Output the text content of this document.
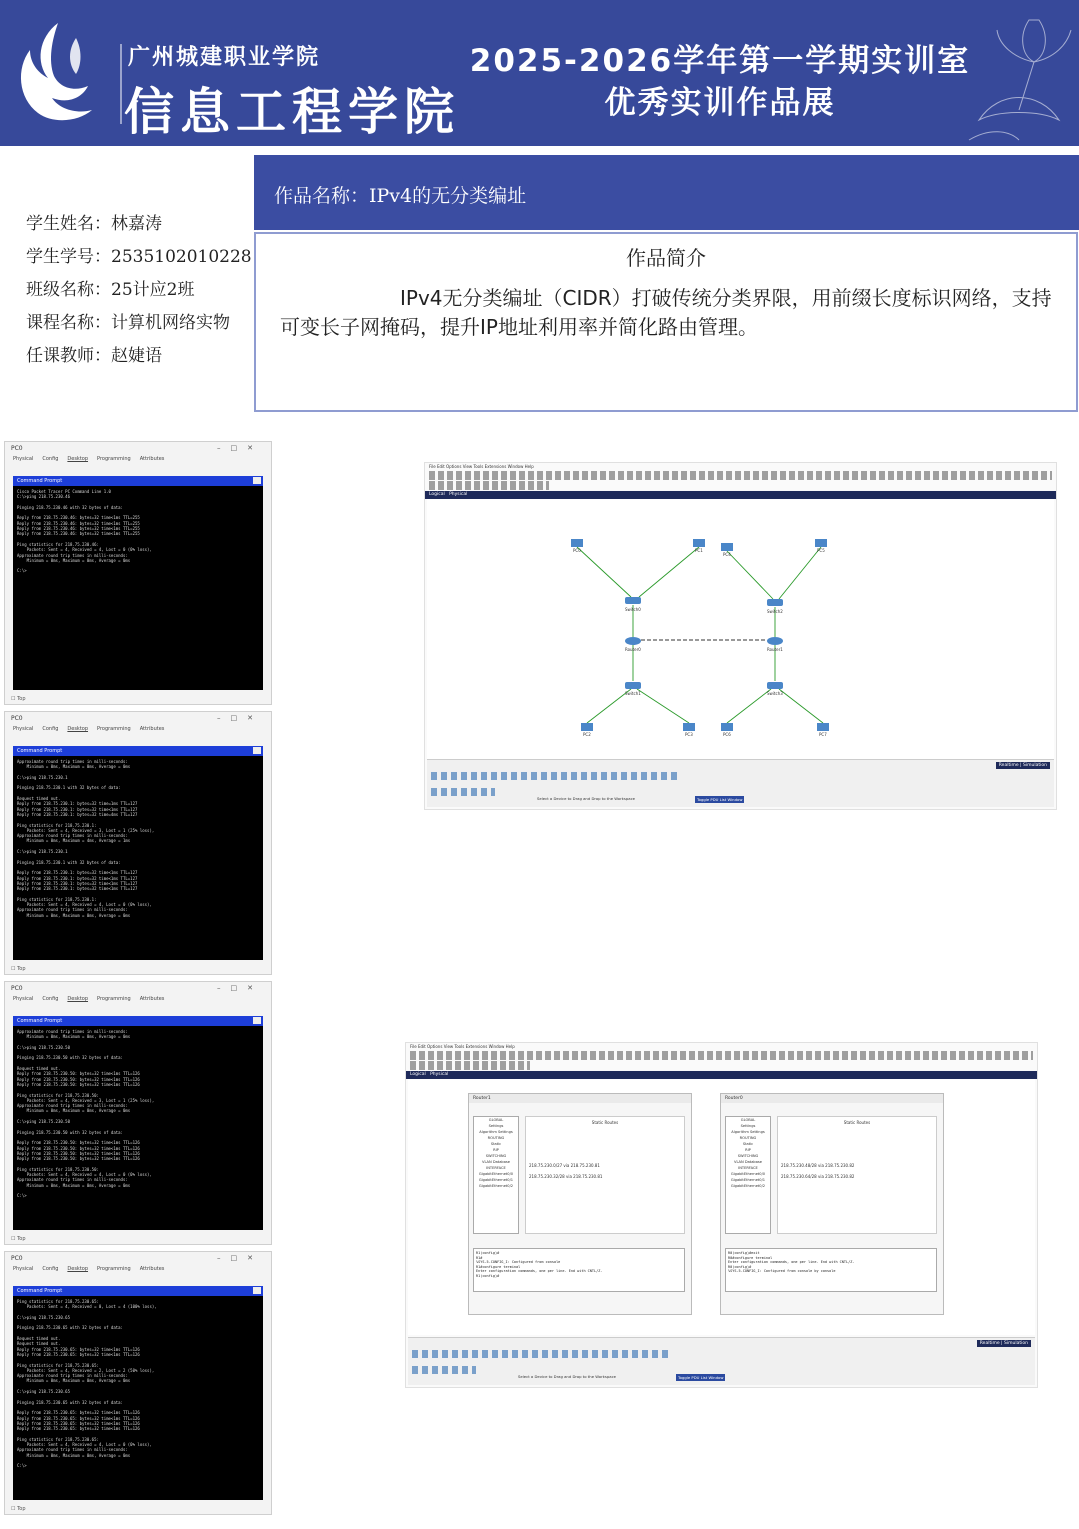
广州城建职业学院
信息工程学院
2025-2026学年第一学期实训室
优秀实训作品展
学生姓名：林嘉涛
学生学号：2535102010228
班级名称：25计应2班
课程名称：计算机网络实物
任课教师：赵婕语
作品名称：IPv4的无分类编址
作品简介
IPv4无分类编址（CIDR）打破传统分类界限，用前缀长度标识网络，支持可变长子网掩码，提升IP地址利用率并简化路由管理。
PC0	–□✕
Physical Config Desktop Programming Attributes
Command Prompt
Cisco Packet Tracer PC Command Line 1.0
C:\>ping 218.75.230.46

Pinging 218.75.230.46 with 32 bytes of data:

Reply from 218.75.230.46: bytes=32 time<1ms TTL=255
Reply from 218.75.230.46: bytes=32 time<1ms TTL=255
Reply from 218.75.230.46: bytes=32 time<1ms TTL=255
Reply from 218.75.230.46: bytes=32 time<1ms TTL=255

Ping statistics for 218.75.230.46:
Packets: Sent = 4, Received = 4, Lost = 0 (0% loss),
Approximate round trip times in milli-seconds:
Minimum = 0ms, Maximum = 0ms, Average = 0ms

C:\>
☐ Top
PC0	–□✕
Physical Config Desktop Programming Attributes
Command Prompt
Approximate round trip times in milli-seconds:
Minimum = 0ms, Maximum = 0ms, Average = 0ms

C:\>ping 218.75.230.1

Pinging 218.75.230.1 with 32 bytes of data:

Request timed out.
Reply from 218.75.230.1: bytes=32 time=1ms TTL=127
Reply from 218.75.230.1: bytes=32 time<1ms TTL=127
Reply from 218.75.230.1: bytes=32 time=4ms TTL=127

Ping statistics for 218.75.230.1:
Packets: Sent = 4, Received = 3, Lost = 1 (25% loss),
Approximate round trip times in milli-seconds:
Minimum = 0ms, Maximum = 4ms, Average = 1ms

C:\>ping 218.75.230.1

Pinging 218.75.230.1 with 32 bytes of data:

Reply from 218.75.230.1: bytes=32 time<1ms TTL=127
Reply from 218.75.230.1: bytes=32 time<1ms TTL=127
Reply from 218.75.230.1: bytes=32 time<1ms TTL=127
Reply from 218.75.230.1: bytes=32 time<1ms TTL=127

Ping statistics for 218.75.230.1:
Packets: Sent = 4, Received = 4, Lost = 0 (0% loss),
Approximate round trip times in milli-seconds:
Minimum = 0ms, Maximum = 0ms, Average = 0ms
☐ Top
PC0	–□✕
Physical Config Desktop Programming Attributes
Command Prompt
Approximate round trip times in milli-seconds:
Minimum = 0ms, Maximum = 0ms, Average = 0ms

C:\>ping 218.75.230.50

Pinging 218.75.230.50 with 32 bytes of data:

Request timed out.
Reply from 218.75.230.50: bytes=32 time<1ms TTL=126
Reply from 218.75.230.50: bytes=32 time<1ms TTL=126
Reply from 218.75.230.50: bytes=32 time<1ms TTL=126

Ping statistics for 218.75.230.50:
Packets: Sent = 4, Received = 3, Lost = 1 (25% loss),
Approximate round trip times in milli-seconds:
Minimum = 0ms, Maximum = 0ms, Average = 0ms

C:\>ping 218.75.230.50

Pinging 218.75.230.50 with 32 bytes of data:

Reply from 218.75.230.50: bytes=32 time<1ms TTL=126
Reply from 218.75.230.50: bytes=32 time<1ms TTL=126
Reply from 218.75.230.50: bytes=32 time<1ms TTL=126
Reply from 218.75.230.50: bytes=32 time<1ms TTL=126

Ping statistics for 218.75.230.50:
Packets: Sent = 4, Received = 4, Lost = 0 (0% loss),
Approximate round trip times in milli-seconds:
Minimum = 0ms, Maximum = 0ms, Average = 0ms

C:\>
☐ Top
PC0	–□✕
Physical Config Desktop Programming Attributes
Command Prompt
Ping statistics for 218.75.230.65:
Packets: Sent = 4, Received = 0, Lost = 4 (100% loss),

C:\>ping 218.75.230.65

Pinging 218.75.230.65 with 32 bytes of data:

Request timed out.
Request timed out.
Reply from 218.75.230.65: bytes=32 time<1ms TTL=126
Reply from 218.75.230.65: bytes=32 time<1ms TTL=126

Ping statistics for 218.75.230.65:
Packets: Sent = 4, Received = 2, Lost = 2 (50% loss),
Approximate round trip times in milli-seconds:
Minimum = 0ms, Maximum = 0ms, Average = 0ms

C:\>ping 218.75.230.65

Pinging 218.75.230.65 with 32 bytes of data:

Reply from 218.75.230.65: bytes=32 time<1ms TTL=126
Reply from 218.75.230.65: bytes=32 time<1ms TTL=126
Reply from 218.75.230.65: bytes=32 time<1ms TTL=126
Reply from 218.75.230.65: bytes=32 time<1ms TTL=126

Ping statistics for 218.75.230.65:
Packets: Sent = 4, Received = 4, Lost = 0 (0% loss),
Approximate round trip times in milli-seconds:
Minimum = 0ms, Maximum = 0ms, Average = 0ms

C:\>
☐ Top
File Edit Options View Tools Extensions Window Help
Logical Physical
PC0	PC1
PC4
PC5
PC2	PC3	PC6	PC7
Switch0	Switch2
Switch1	Switch3
Router0	Router1
Realtime | Simulation
Select a Device to Drag and Drop to the Workspace	Toggle PDU List Window
File Edit Options View Tools Extensions Window Help
Logical Physical
Router1
GLOBAL
Settings
Algorithm Settings
ROUTING
Static
RIP
SWITCHING
VLAN Database
INTERFACE
GigabitEthernet0/0
GigabitEthernet0/1
GigabitEthernet0/2
Static Routes
218.75.230.0/27 via 218.75.230.81
218.75.230.32/28 via 218.75.230.81
R1(config)#
R1#
%SYS-5-CONFIG_I: Configured from console
R1#configure terminal
Enter configuration commands, one per line. End with CNTL/Z.
R1(config)#
Router0
GLOBAL
Settings
Algorithm Settings
ROUTING
Static
RIP
SWITCHING
VLAN Database
INTERFACE
GigabitEthernet0/0
GigabitEthernet0/1
GigabitEthernet0/2
Static Routes
218.75.230.48/28 via 218.75.230.82
218.75.230.64/28 via 218.75.230.82
R0(config)#exit
R0#configure terminal
Enter configuration commands, one per line. End with CNTL/Z.
R0(config)#
%SYS-5-CONFIG_I: Configured from console by console
Realtime | Simulation
Select a Device to Drag and Drop to the Workspace	Toggle PDU List Window
